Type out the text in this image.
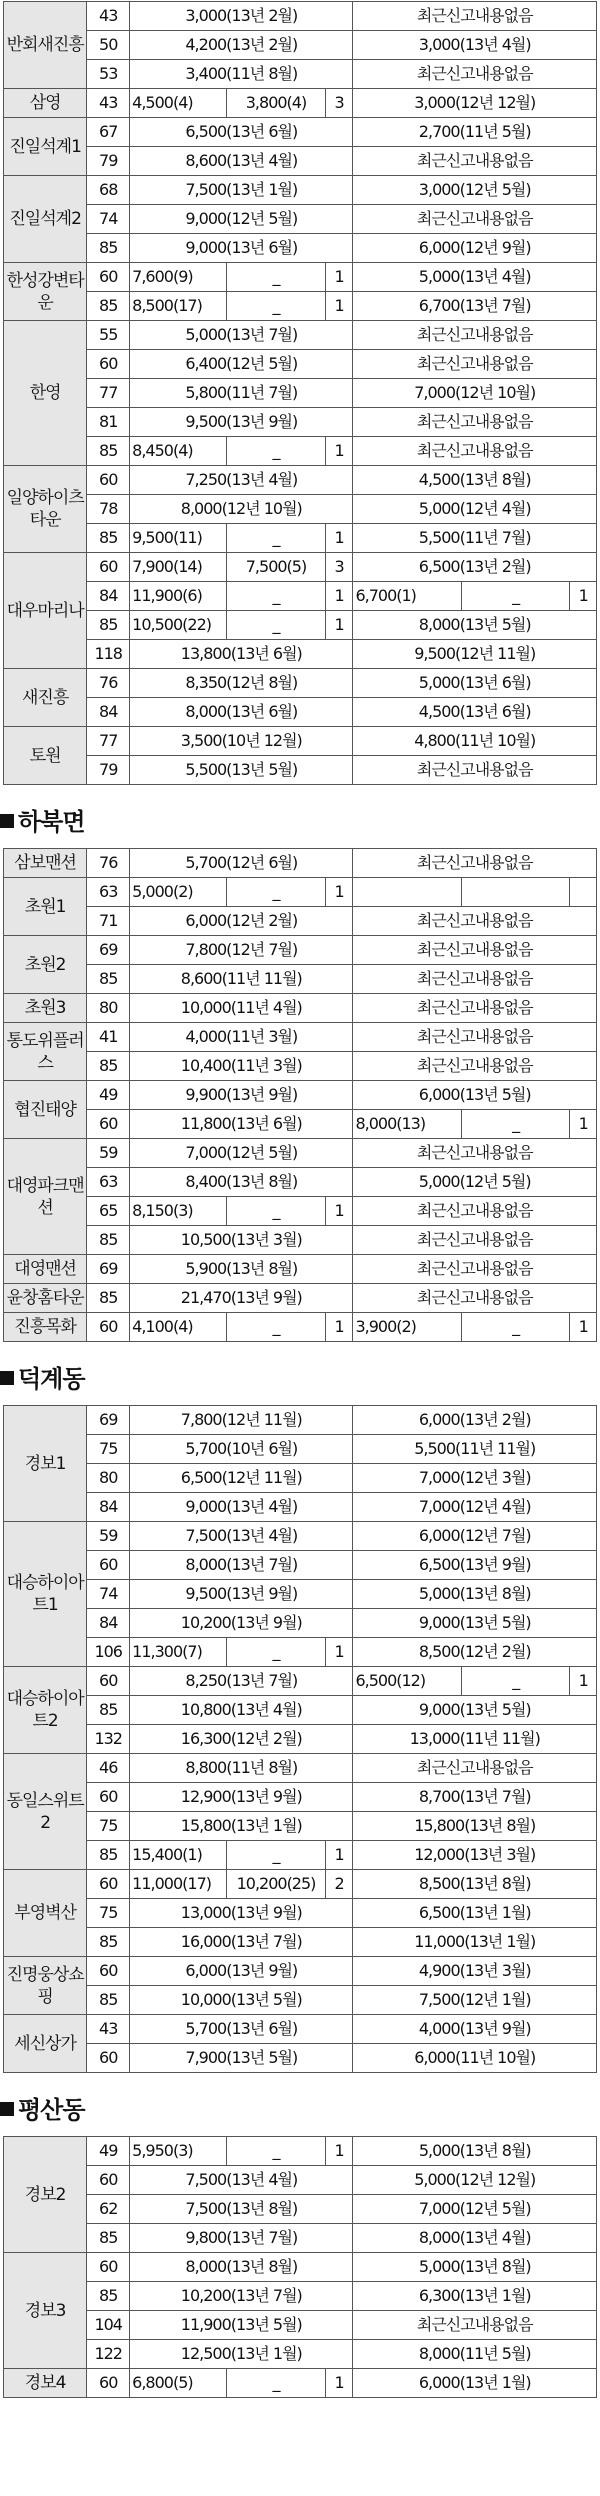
반회새진흥	43	3,000(13년 2월)			최근신고내용없음		
	50	4,200(13년 2월)			3,000(13년 4월)		
	53	3,400(11년 8월)			최근신고내용없음		
삼영	43	4,500(4)	3,800(4)	3	3,000(12년 12월)		
진일석계1	67	6,500(13년 6월)			2,700(11년 5월)		
	79	8,600(13년 4월)			최근신고내용없음		
진일석계2	68	7,500(13년 1월)			3,000(12년 5월)		
	74	9,000(12년 5월)			최근신고내용없음		
	85	9,000(13년 6월)			6,000(12년 9월)		
한성강변타운	60	7,600(9)	_	1	5,000(13년 4월)		
	85	8,500(17)	_	1	6,700(13년 7월)		
한영	55	5,000(13년 7월)			최근신고내용없음		
	60	6,400(12년 5월)			최근신고내용없음		
	77	5,800(11년 7월)			7,000(12년 10월)		
	81	9,500(13년 9월)			최근신고내용없음		
	85	8,450(4)	_	1	최근신고내용없음		
일양하이츠타운	60	7,250(13년 4월)			4,500(13년 8월)		
	78	8,000(12년 10월)			5,000(12년 4월)		
	85	9,500(11)	_	1	5,500(11년 7월)		
대우마리나	60	7,900(14)	7,500(5)	3	6,500(13년 2월)		
	84	11,900(6)	_	1	6,700(1)	_	1
	85	10,500(22)	_	1	8,000(13년 5월)		
	118	13,800(13년 6월)			9,500(12년 11월)		
새진흥	76	8,350(12년 8월)			5,000(13년 6월)		
	84	8,000(13년 6월)			4,500(13년 6월)		
토원	77	3,500(10년 12월)			4,800(11년 10월)		
	79	5,500(13년 5월)			최근신고내용없음		
하북면
삼보맨션	76	5,700(12년 6월)			최근신고내용없음		
초원1	63	5,000(2)	_	1			
	71	6,000(12년 2월)			최근신고내용없음		
초원2	69	7,800(12년 7월)			최근신고내용없음		
	85	8,600(11년 11월)			최근신고내용없음		
초원3	80	10,000(11년 4월)			최근신고내용없음		
통도위플러스	41	4,000(11년 3월)			최근신고내용없음		
	85	10,400(11년 3월)			최근신고내용없음		
협진태양	49	9,900(13년 9월)			6,000(13년 5월)		
	60	11,800(13년 6월)			8,000(13)	_	1
대영파크맨션	59	7,000(12년 5월)			최근신고내용없음		
	63	8,400(13년 8월)			5,000(12년 5월)		
	65	8,150(3)	_	1	최근신고내용없음		
	85	10,500(13년 3월)			최근신고내용없음		
대영맨션	69	5,900(13년 8월)			최근신고내용없음		
윤창홈타운	85	21,470(13년 9월)			최근신고내용없음		
진흥목화	60	4,100(4)	_	1	3,900(2)	_	1
덕계동
경보1	69	7,800(12년 11월)			6,000(13년 2월)		
	75	5,700(10년 6월)			5,500(11년 11월)		
	80	6,500(12년 11월)			7,000(12년 3월)		
	84	9,000(13년 4월)			7,000(12년 4월)		
대승하이아트1	59	7,500(13년 4월)			6,000(12년 7월)		
	60	8,000(13년 7월)			6,500(13년 9월)		
	74	9,500(13년 9월)			5,000(13년 8월)		
	84	10,200(13년 9월)			9,000(13년 5월)		
	106	11,300(7)	_	1	8,500(12년 2월)		
대승하이아트2	60	8,250(13년 7월)			6,500(12)	_	1
	85	10,800(13년 4월)			9,000(13년 5월)		
	132	16,300(12년 2월)			13,000(11년 11월)		
동일스위트2	46	8,800(11년 8월)			최근신고내용없음		
	60	12,900(13년 9월)			8,700(13년 7월)		
	75	15,800(13년 1월)			15,800(13년 8월)		
	85	15,400(1)	_	1	12,000(13년 3월)		
부영벽산	60	11,000(17)	10,200(25)	2	8,500(13년 8월)		
	75	13,000(13년 9월)			6,500(13년 1월)		
	85	16,000(13년 7월)			11,000(13년 1월)		
진명웅상쇼핑	60	6,000(13년 9월)			4,900(13년 3월)		
	85	10,000(13년 5월)			7,500(12년 1월)		
세신상가	43	5,700(13년 6월)			4,000(13년 9월)		
	60	7,900(13년 5월)			6,000(11년 10월)		
평산동
경보2	49	5,950(3)	_	1	5,000(13년 8월)
	60	7,500(13년 4월)			5,000(12년 12월)
	62	7,500(13년 8월)			7,000(12년 5월)
	85	9,800(13년 7월)			8,000(13년 4월)
경보3	60	8,000(13년 8월)			5,000(13년 8월)
	85	10,200(13년 7월)			6,300(13년 1월)
	104	11,900(13년 5월)			최근신고내용없음
	122	12,500(13년 1월)			8,000(11년 5월)
경보4	60	6,800(5)	_	1	6,000(13년 1월)
